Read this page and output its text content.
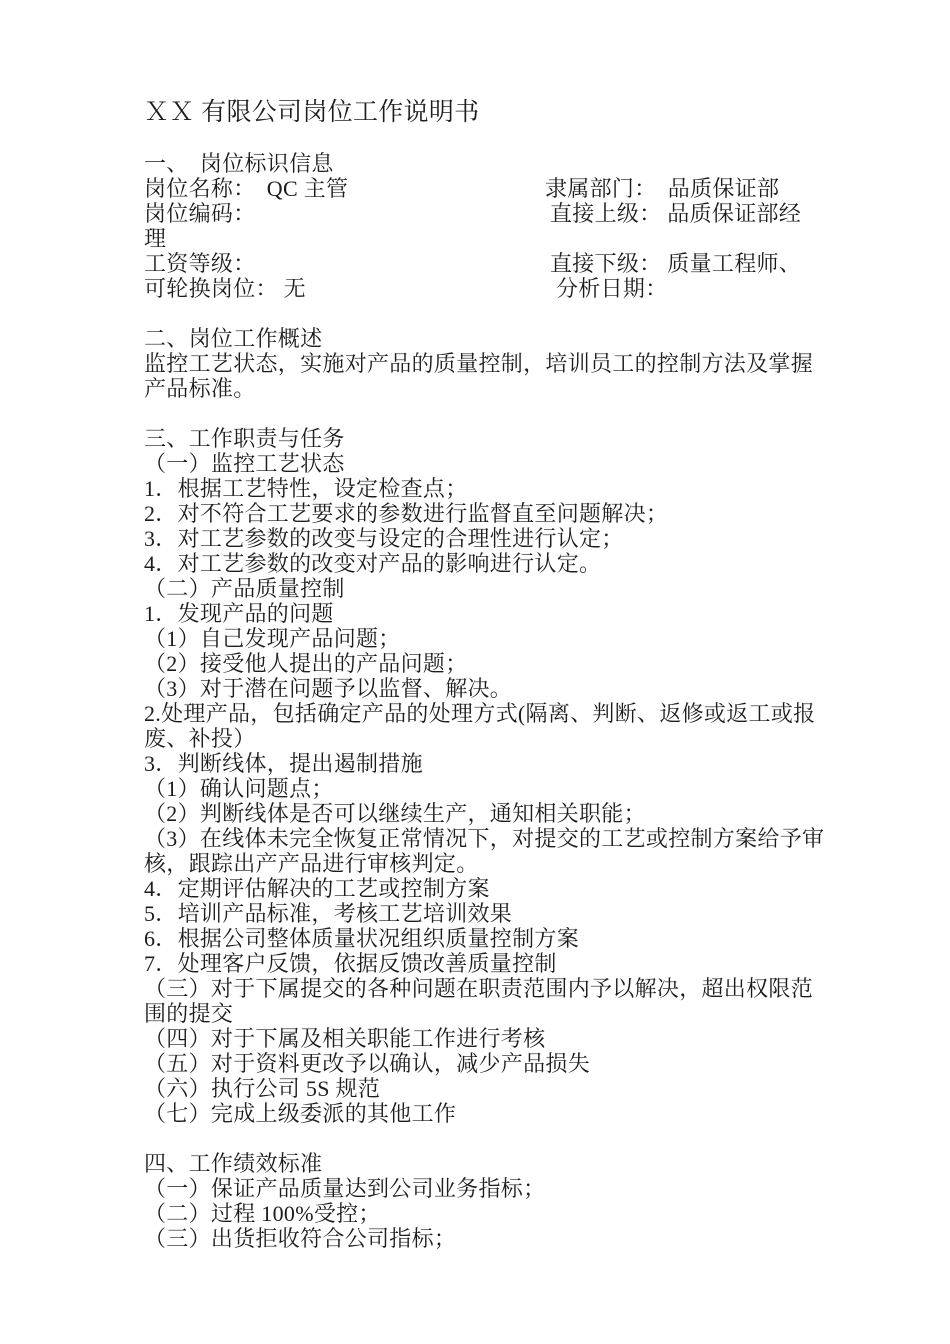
ＸＸ 有限公司岗位工作说明书
一、　岗位标识信息
岗位名称：　QC 主管	隶属部门：　品质保证部
岗位编码：	直接上级： 品质保证部经
理
工资等级：	直接下级： 质量工程师、
可轮换岗位： 无	分析日期：
二、岗位工作概述
监控工艺状态，实施对产品的质量控制，培训员工的控制方法及掌握
产品标准。
三、工作职责与任务
（一）监控工艺状态
1．根据工艺特性，设定检查点；
2．对不符合工艺要求的参数进行监督直至问题解决；
3．对工艺参数的改变与设定的合理性进行认定；
4．对工艺参数的改变对产品的影响进行认定。
（二）产品质量控制
1．发现产品的问题
（1）自己发现产品问题；
（2）接受他人提出的产品问题；
（3）对于潜在问题予以监督、解决。
2.处理产品，包括确定产品的处理方式(隔离、判断、返修或返工或报
废、补投）
3．判断线体，提出遏制措施
（1）确认问题点；
（2）判断线体是否可以继续生产，通知相关职能；
（3）在线体未完全恢复正常情况下，对提交的工艺或控制方案给予审
核，跟踪出产产品进行审核判定。
4．定期评估解决的工艺或控制方案
5．培训产品标准，考核工艺培训效果
6．根据公司整体质量状况组织质量控制方案
7．处理客户反馈，依据反馈改善质量控制
（三）对于下属提交的各种问题在职责范围内予以解决，超出权限范
围的提交
（四）对于下属及相关职能工作进行考核
（五）对于资料更改予以确认，减少产品损失
（六）执行公司 5S 规范
（七）完成上级委派的其他工作
四、工作绩效标准
（一）保证产品质量达到公司业务指标；
（二）过程 100%受控；
（三）出货拒收符合公司指标；
